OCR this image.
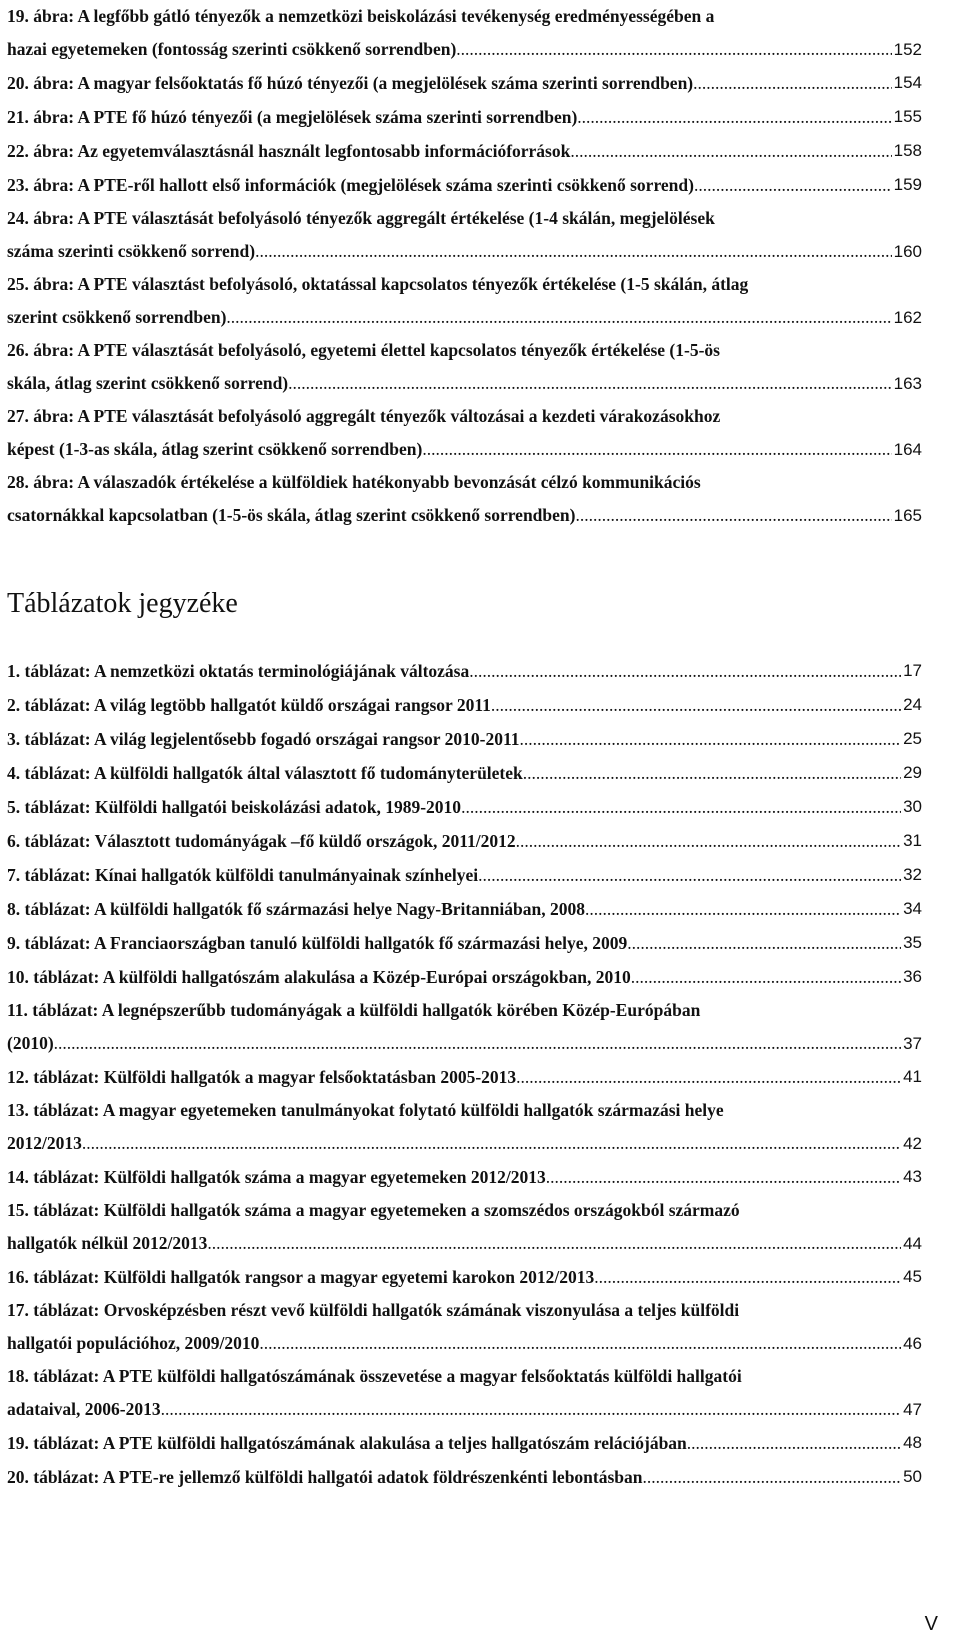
19. ábra: A legfőbb gátló tényezők a nemzetközi beiskolázási tevékenység eredményességében a
hazai egyetemeken (fontosság szerinti csökkenő sorrendben) .....	152
20. ábra: A magyar felsőoktatás fő húzó tényezői (a megjelölések száma szerinti sorrendben) .....	154
21. ábra: A PTE fő húzó tényezői (a megjelölések száma szerinti sorrendben) .....	155
22. ábra: Az egyetemválasztásnál használt legfontosabb információforrások .....	158
23. ábra: A PTE-ről hallott első információk (megjelölések száma szerinti csökkenő sorrend) .....	159
24. ábra: A PTE választását befolyásoló tényezők aggregált értékelése (1-4 skálán, megjelölések
száma szerinti csökkenő sorrend) .....	160
25. ábra: A PTE választást befolyásoló, oktatással kapcsolatos tényezők értékelése (1-5 skálán, átlag
szerint csökkenő sorrendben) .....	162
26. ábra: A PTE választását befolyásoló, egyetemi élettel kapcsolatos tényezők értékelése (1-5-ös
skála, átlag szerint csökkenő sorrend) .....	163
27. ábra: A PTE választását befolyásoló aggregált tényezők változásai a kezdeti várakozásokhoz
képest (1-3-as skála, átlag szerint csökkenő sorrendben) .....	164
28. ábra: A válaszadók értékelése a külföldiek hatékonyabb bevonzását célzó kommunikációs
csatornákkal kapcsolatban (1-5-ös skála, átlag szerint csökkenő sorrendben) .....	165
Táblázatok jegyzéke
1. táblázat: A nemzetközi oktatás terminológiájának változása .....	17
2. táblázat: A világ legtöbb hallgatót küldő országai rangsor 2011 .....	24
3. táblázat: A világ legjelentősebb fogadó országai rangsor 2010-2011 .....	25
4. táblázat: A külföldi hallgatók által választott fő tudományterületek .....	29
5. táblázat: Külföldi hallgatói beiskolázási adatok, 1989-2010 .....	30
6. táblázat: Választott tudományágak –fő küldő országok, 2011/2012 .....	31
7. táblázat: Kínai hallgatók külföldi tanulmányainak színhelyei .....	32
8. táblázat: A külföldi hallgatók fő származási helye Nagy-Britanniában, 2008 .....	34
9. táblázat: A Franciaországban tanuló külföldi hallgatók fő származási helye, 2009 .....	35
10. táblázat: A külföldi hallgatószám alakulása a Közép-Európai országokban, 2010 .....	36
11. táblázat: A legnépszerűbb tudományágak a külföldi hallgatók körében Közép-Európában
(2010) .....	37
12. táblázat: Külföldi hallgatók a magyar felsőoktatásban 2005-2013 .....	41
13. táblázat: A magyar egyetemeken tanulmányokat folytató külföldi hallgatók származási helye
2012/2013 .....	42
14. táblázat: Külföldi hallgatók száma a magyar egyetemeken 2012/2013 .....	43
15. táblázat: Külföldi hallgatók száma a magyar egyetemeken a szomszédos országokból származó
hallgatók nélkül 2012/2013 .....	44
16. táblázat: Külföldi hallgatók rangsor a magyar egyetemi karokon 2012/2013 .....	45
17. táblázat: Orvosképzésben részt vevő külföldi hallgatók számának viszonyulása a teljes külföldi
hallgatói populációhoz, 2009/2010 .....	46
18. táblázat: A PTE külföldi hallgatószámának összevetése a magyar felsőoktatás külföldi hallgatói
adataival, 2006-2013 .....	47
19. táblázat: A PTE külföldi hallgatószámának alakulása a teljes hallgatószám relációjában .....	48
20. táblázat: A PTE-re jellemző külföldi hallgatói adatok földrészenkénti lebontásban .....	50
V
